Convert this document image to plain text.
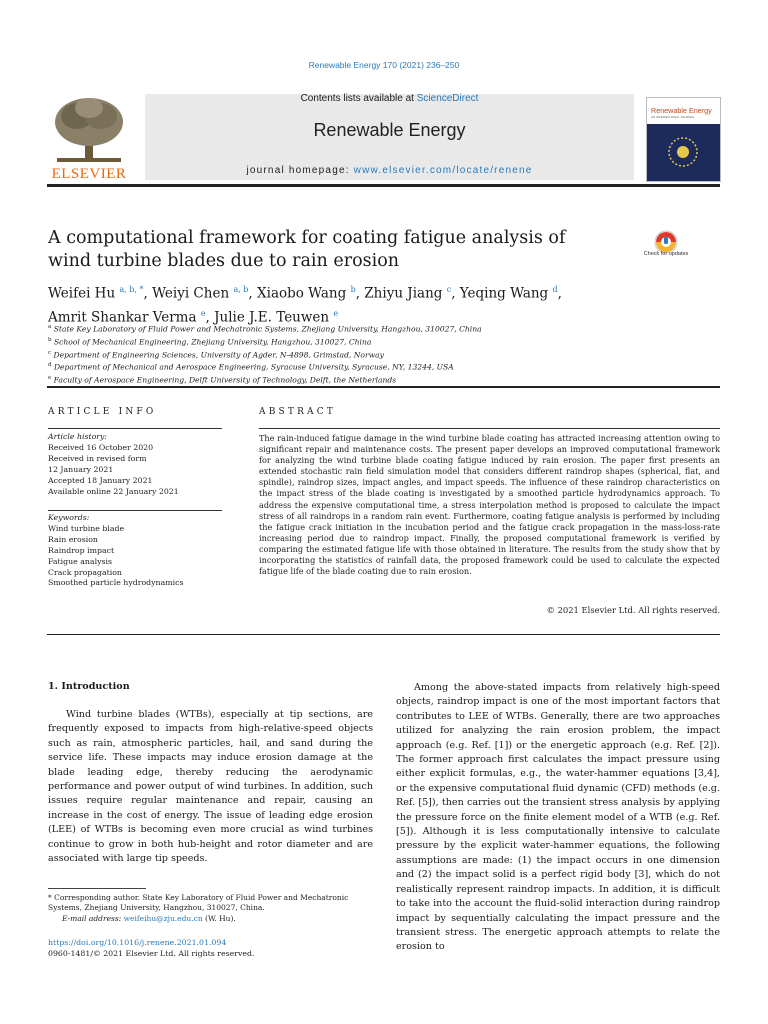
Renewable Energy 170 (2021) 236–250
ELSEVIER
Contents lists available at ScienceDirect
Renewable Energy
journal homepage: www.elsevier.com/locate/renene
Renewable Energy
AN INTERNATIONAL JOURNAL
A computational framework for coating fatigue analysis of wind turbine blades due to rain erosion	Check for updates
Weifei Hu $^{a, b, *}$, Weiyi Chen $^{a, b}$, Xiaobo Wang $^b$, Zhiyu Jiang $^c$, Yeqing Wang $^d$,
Amrit Shankar Verma $^e$, Julie J.E. Teuwen $^e$
$^a$ State Key Laboratory of Fluid Power and Mechatronic Systems, Zhejiang University, Hangzhou, 310027, China
$^b$ School of Mechanical Engineering, Zhejiang University, Hangzhou, 310027, China
$^c$ Department of Engineering Sciences, University of Agder, N-4898, Grimstad, Norway
$^d$ Department of Mechanical and Aerospace Engineering, Syracuse University, Syracuse, NY, 13244, USA
$^e$ Faculty of Aerospace Engineering, Delft University of Technology, Delft, the Netherlands
ARTICLE INFO
Article history:
Received 16 October 2020
Received in revised form
12 January 2021
Accepted 18 January 2021
Available online 22 January 2021
Keywords:
Wind turbine blade
Rain erosion
Raindrop impact
Fatigue analysis
Crack propagation
Smoothed particle hydrodynamics
ABSTRACT
The rain-induced fatigue damage in the wind turbine blade coating has attracted increasing attention owing to significant repair and maintenance costs. The present paper develops an improved computational framework for analyzing the wind turbine blade coating fatigue induced by rain erosion. The paper first presents an extended stochastic rain field simulation model that considers different raindrop shapes (spherical, flat, and spindle), raindrop sizes, impact angles, and impact speeds. The influence of these raindrop characteristics on the impact stress of the blade coating is investigated by a smoothed particle hydrodynamics approach. To address the expensive computational time, a stress interpolation method is proposed to calculate the impact stress of all raindrops in a random rain event. Furthermore, coating fatigue analysis is performed by including the fatigue crack initiation in the incubation period and the fatigue crack propagation in the mass-loss-rate increasing period due to raindrop impact. Finally, the proposed computational framework is verified by comparing the estimated fatigue life with those obtained in literature. The results from the study show that by incorporating the statistics of rainfall data, the proposed framework could be used to calculate the expected fatigue life of the blade coating due to rain erosion.
© 2021 Elsevier Ltd. All rights reserved.
1. Introduction

Wind turbine blades (WTBs), especially at tip sections, are frequently exposed to impacts from high-relative-speed objects such as rain, atmospheric particles, hail, and sand during the service life. These impacts may induce erosion damage at the blade leading edge, thereby reducing the aerodynamic performance and power output of wind turbines. In addition, such issues require regular maintenance and repair, causing an increase in the cost of energy. The issue of leading edge erosion (LEE) of WTBs is becoming even more crucial as wind turbines continue to grow in both hub-height and rotor diameter and are associated with large tip speeds.

Among the above-stated impacts from relatively high-speed objects, raindrop impact is one of the most important factors that contributes to LEE of WTBs. Generally, there are two approaches utilized for analyzing the rain erosion problem, the impact approach (e.g. Ref. [1]) or the energetic approach (e.g. Ref. [2]). The former approach first calculates the impact pressure using either explicit formulas, e.g., the water-hammer equations [3,4], or the expensive computational fluid dynamic (CFD) methods (e.g. Ref. [5]), then carries out the transient stress analysis by applying the pressure force on the finite element model of a WTB (e.g. Ref. [5]). Although it is less computationally intensive to calculate pressure by the explicit water-hammer equations, the following assumptions are made: (1) the impact occurs in one dimension and (2) the impact solid is a perfect rigid body [3], which do not realistically represent raindrop impacts. In addition, it is difficult to take into the account the fluid-solid interaction during raindrop impact by sequentially calculating the impact pressure and the transient stress. The energetic approach attempts to relate the erosion to

* Corresponding author. State Key Laboratory of Fluid Power and Mechatronic Systems, Zhejiang University, Hangzhou, 310027, China.
E-mail address: weifeihu@zju.edu.cn (W. Hu).
https://doi.org/10.1016/j.renene.2021.01.094
0960-1481/© 2021 Elsevier Ltd. All rights reserved.
